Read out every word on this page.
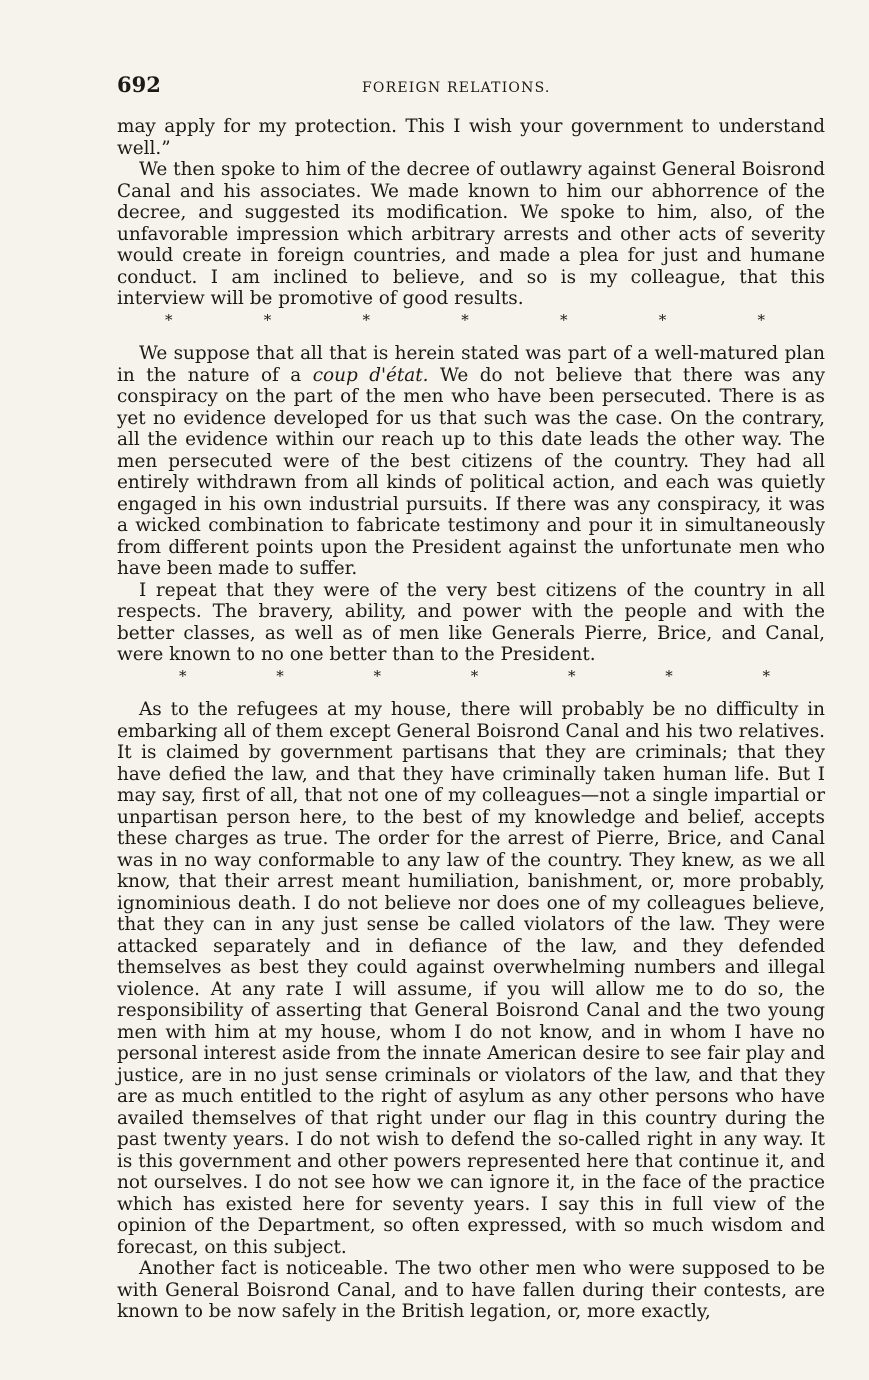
692	FOREIGN RELATIONS.

may apply for my protection. This I wish your government to understand well.”

We then spoke to him of the decree of outlawry against General Boisrond Canal and his associates. We made known to him our abhorrence of the decree, and suggested its modification. We spoke to him, also, of the unfavorable impression which arbitrary arrests and other acts of severity would create in foreign countries, and made a plea for just and humane conduct. I am inclined to believe, and so is my colleague, that this interview will be promotive of good results.

*	*	*	*	*	*	*

We suppose that all that is herein stated was part of a well-matured plan in the nature of a coup d'état. We do not believe that there was any conspiracy on the part of the men who have been persecuted. There is as yet no evidence developed for us that such was the case. On the contrary, all the evidence within our reach up to this date leads the other way. The men persecuted were of the best citizens of the country. They had all entirely withdrawn from all kinds of political action, and each was quietly engaged in his own industrial pursuits. If there was any conspiracy, it was a wicked combination to fabricate testimony and pour it in simultaneously from different points upon the President against the unfortunate men who have been made to suffer.

I repeat that they were of the very best citizens of the country in all respects. The bravery, ability, and power with the people and with the better classes, as well as of men like Generals Pierre, Brice, and Canal, were known to no one better than to the President.

*	*	*	*	*	*	*

As to the refugees at my house, there will probably be no difficulty in embarking all of them except General Boisrond Canal and his two relatives. It is claimed by government partisans that they are criminals; that they have defied the law, and that they have criminally taken human life. But I may say, first of all, that not one of my colleagues—not a single impartial or unpartisan person here, to the best of my knowledge and belief, accepts these charges as true. The order for the arrest of Pierre, Brice, and Canal was in no way conformable to any law of the country. They knew, as we all know, that their arrest meant humiliation, banishment, or, more probably, ignominious death. I do not believe nor does one of my colleagues believe, that they can in any just sense be called violators of the law. They were attacked separately and in defiance of the law, and they defended themselves as best they could against overwhelming numbers and illegal violence. At any rate I will assume, if you will allow me to do so, the responsibility of asserting that General Boisrond Canal and the two young men with him at my house, whom I do not know, and in whom I have no personal interest aside from the innate American desire to see fair play and justice, are in no just sense criminals or violators of the law, and that they are as much entitled to the right of asylum as any other persons who have availed themselves of that right under our flag in this country during the past twenty years. I do not wish to defend the so-called right in any way. It is this government and other powers represented here that continue it, and not ourselves. I do not see how we can ignore it, in the face of the practice which has existed here for seventy years. I say this in full view of the opinion of the Department, so often expressed, with so much wisdom and forecast, on this subject.

Another fact is noticeable. The two other men who were supposed to be with General Boisrond Canal, and to have fallen during their contests, are known to be now safely in the British legation, or, more exactly,
